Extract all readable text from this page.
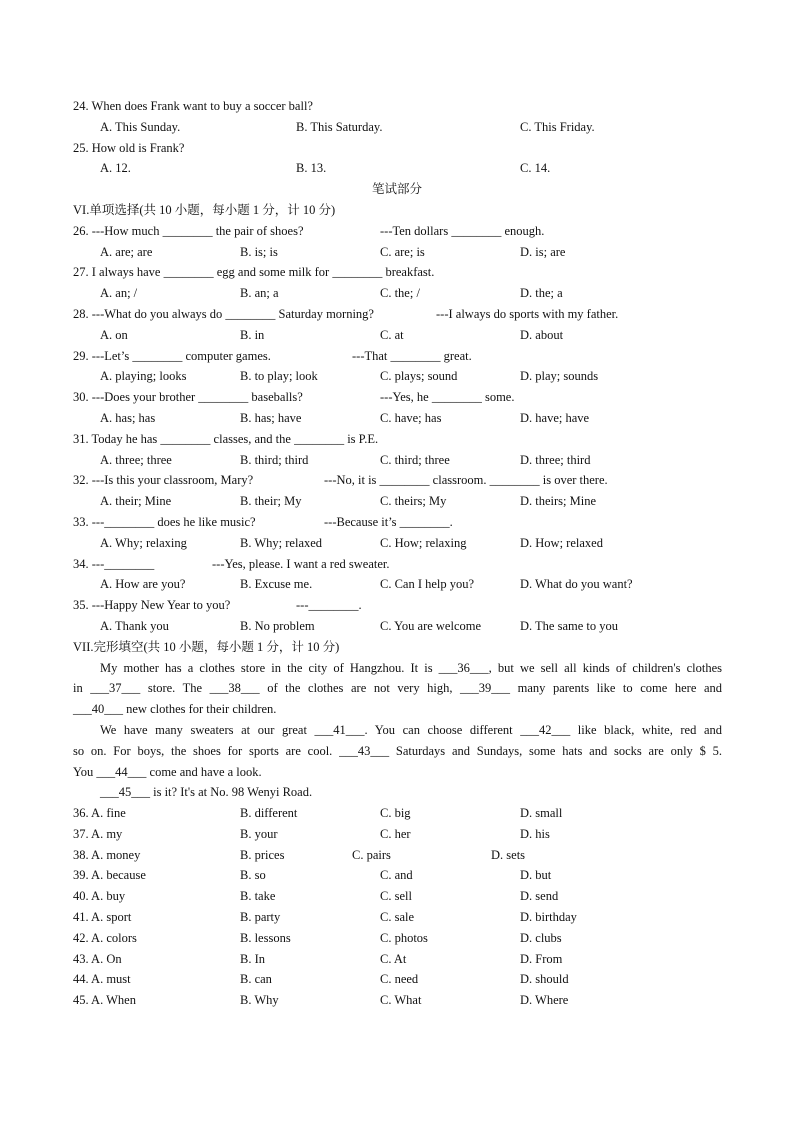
24. When does Frank want to buy a soccer ball?
A. This Sunday.	B. This Saturday.	C. This Friday.
25. How old is Frank?
A. 12.	B. 13.	C. 14.
笔试部分
VI.单项选择(共 10 小题，每小题 1 分，计 10 分)
26. ---How much ________ the pair of shoes?	---Ten dollars ________ enough.
A. are; are	B. is; is	C. are; is	D. is; are
27. I always have ________ egg and some milk for ________ breakfast.
A. an; /	B. an; a	C. the; /	D. the; a
28. ---What do you always do ________ Saturday morning?	---I always do sports with my father.
A. on	B. in	C. at	D. about
29. ---Let’s ________ computer games.	---That ________ great.
A. playing; looks	B. to play; look	C. plays; sound	D. play; sounds
30. ---Does your brother ________ baseballs?	---Yes, he ________ some.
A. has; has	B. has; have	C. have; has	D. have; have
31. Today he has ________ classes, and the ________ is P.E.
A. three; three	B. third; third	C. third; three	D. three; third
32. ---Is this your classroom, Mary?	---No, it is ________ classroom. ________ is over there.
A. their; Mine	B. their; My	C. theirs; My	D. theirs; Mine
33. ---________ does he like music?	---Because it’s ________.
A. Why; relaxing	B. Why; relaxed	C. How; relaxing	D. How; relaxed
34. ---________	---Yes, please. I want a red sweater.
A. How are you?	B. Excuse me.	C. Can I help you?	D. What do you want?
35. ---Happy New Year to you?	---________.
A. Thank you	B. No problem	C. You are welcome	D. The same to you
VII.完形填空(共 10 小题，每小题 1 分，计 10 分)
My mother has a clothes store in the city of Hangzhou. It is ___36___, but we sell all kinds of children's clothes
in ___37___ store. The ___38___ of the clothes are not very high, ___39___ many parents like to come here and
___40___ new clothes for their children.
We have many sweaters at our great ___41___. You can choose different ___42___ like black, white, red and
so on. For boys, the shoes for sports are cool. ___43___ Saturdays and Sundays, some hats and socks are only $ 5.
You ___44___ come and have a look.
___45___ is it? It's at No. 98 Wenyi Road.
36. A. fine	B. different	C. big	D. small
37. A. my	B. your	C. her	D. his
38. A. money	B. prices	C. pairs	D. sets
39. A. because	B. so	C. and	D. but
40. A. buy	B. take	C. sell	D. send
41. A. sport	B. party	C. sale	D. birthday
42. A. colors	B. lessons	C. photos	D. clubs
43. A. On	B. In	C. At	D. From
44. A. must	B. can	C. need	D. should
45. A. When	B. Why	C. What	D. Where
